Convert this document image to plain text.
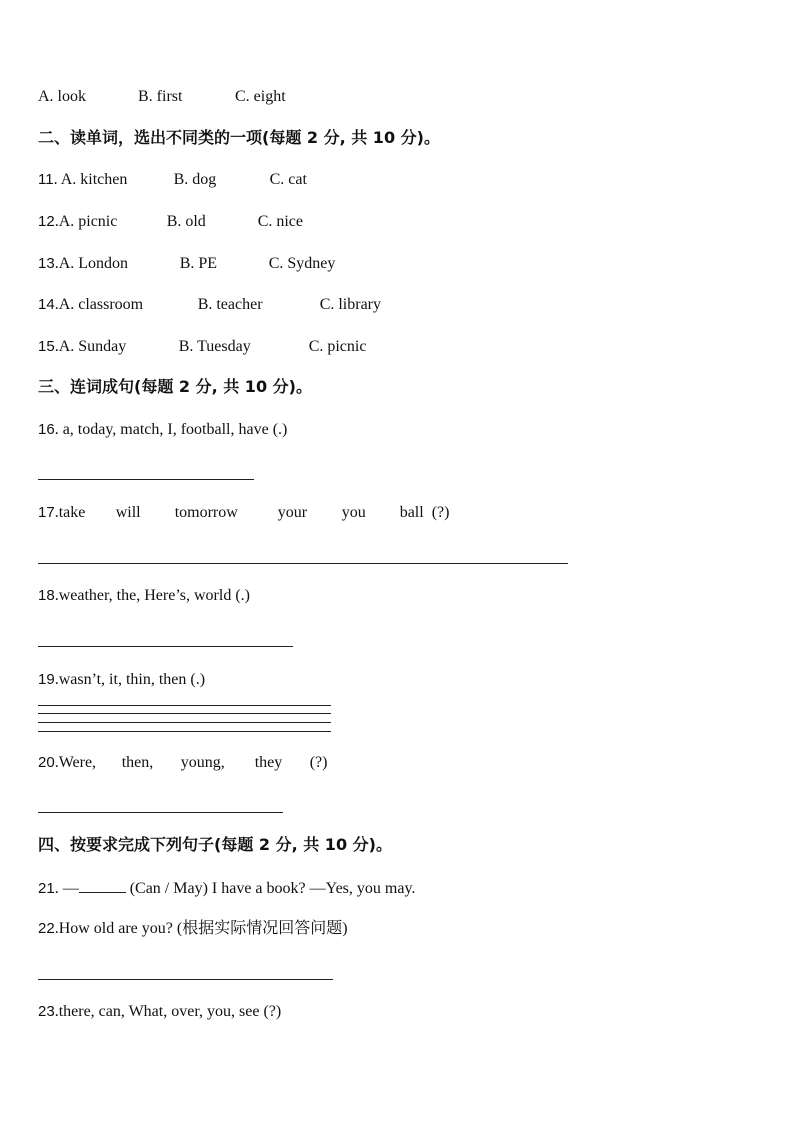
A. look	B. first	C. eight
二、读单词，选出不同类的一项(每题 2 分, 共 10 分)。
11. A. kitchen	B. dog	C. cat
12.A. picnic	B. old	C. nice
13.A. London	B. PE	C. Sydney
14.A. classroom	B. teacher	C. library
15.A. Sunday	B. Tuesday	C. picnic
三、连词成句(每题 2 分, 共 10 分)。
16. a, today, match, I, football, have (.)
17.take will tomorrow your you ball (?)
18.weather, the, Here’s, world (.)
19.wasn’t, it, thin, then (.)
20.Were, then, young, they (?)
四、按要求完成下列句子(每题 2 分, 共 10 分)。
21. —	(Can / May) I have a book? —Yes, you may.
22.How old are you? (根据实际情况回答问题)
23.there, can, What, over, you, see (?)
